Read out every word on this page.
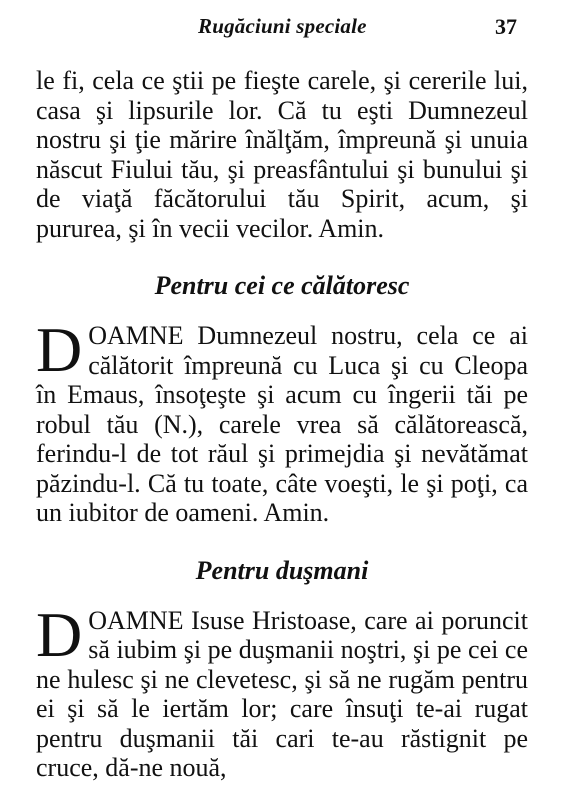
Rugăciuni speciale	37

le fi, cela ce ştii pe fieşte carele, şi cererile lui, casa şi lipsurile lor. Că tu eşti Dumnezeul nostru şi ţie mărire înălţăm, împreună şi unuia născut Fiului tău, şi preasfântului şi bunului şi de viaţă făcătorului tău Spirit, acum, şi pururea, şi în vecii vecilor. Amin.

Pentru cei ce călătoresc

DOAMNE Dumnezeul nostru, cela ce ai călătorit împreună cu Luca şi cu Cleopa în Emaus, însoţeşte şi acum cu îngerii tăi pe robul tău (N.), carele vrea să călătorească, ferindu-l de tot răul şi primejdia şi nevătămat păzindu-l. Că tu toate, câte voeşti, le şi poţi, ca un iubitor de oameni. Amin.

Pentru duşmani

DOAMNE Isuse Hristoase, care ai poruncit să iubim şi pe duşmanii noştri, şi pe cei ce ne hulesc şi ne clevetesc, şi să ne rugăm pentru ei şi să le iertăm lor; care însuţi te-ai rugat pentru duşmanii tăi cari te-au răstignit pe cruce, dă-ne nouă,
